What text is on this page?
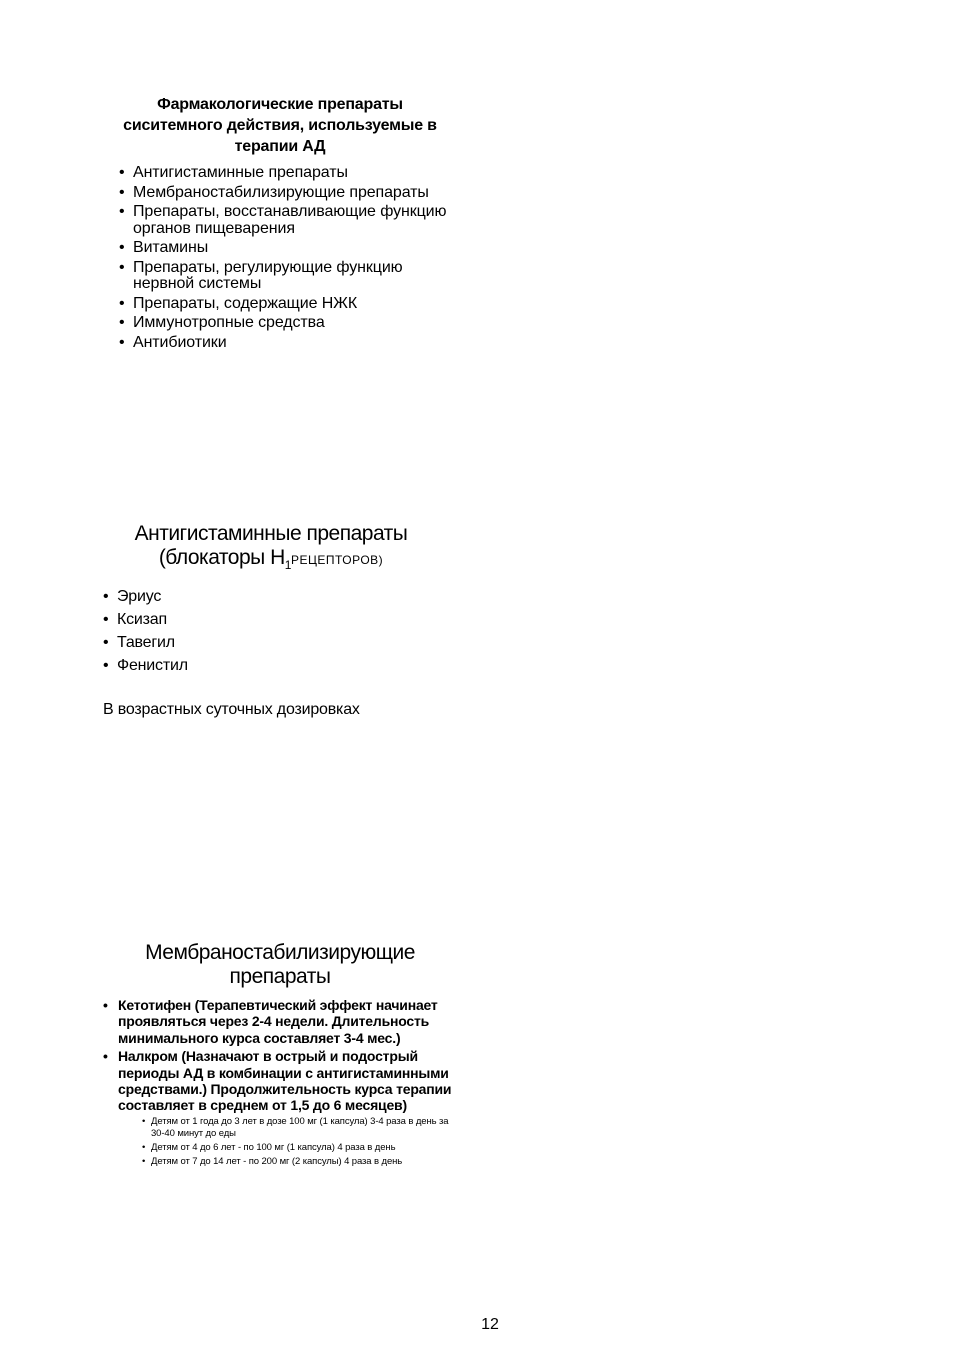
Фармакологические препараты
сиситемного действия, используемые в
терапии АД
• Антигистаминные препараты
• Мембраностабилизирующие препараты
• Препараты, восстанавливающие функцию органов пищеварения
• Витамины
• Препараты, регулирующие функцию нервной системы
• Препараты, содержащие НЖК
• Иммунотропные средства
• Антибиотики
Антигистаминные препараты
(блокаторы $Н_1РЕЦЕПТОРОВ$)
• Эриус
• Ксизап
• Тавегил
• Фенистил
В возрастных суточных дозировках
Мембраностабилизирующие
препараты
• Кетотифен (Терапевтический эффект начинает проявляться через 2-4 недели. Длительность минимального курса составляет 3-4 мес.)
• Налкром (Назначают в острый и подострый периоды АД в комбинации с антигистаминными средствами.) Продолжительность курса терапии составляет в среднем от 1,5 до 6 месяцев)
• Детям от 1 года до 3 лет в дозе 100 мг (1 капсула) 3-4 раза в день за 30-40 минут до еды
• Детям от 4 до 6 лет - по 100 мг (1 капсула) 4 раза в день
• Детям от 7 до 14 лет - по 200 мг (2 капсулы) 4 раза в день
12
